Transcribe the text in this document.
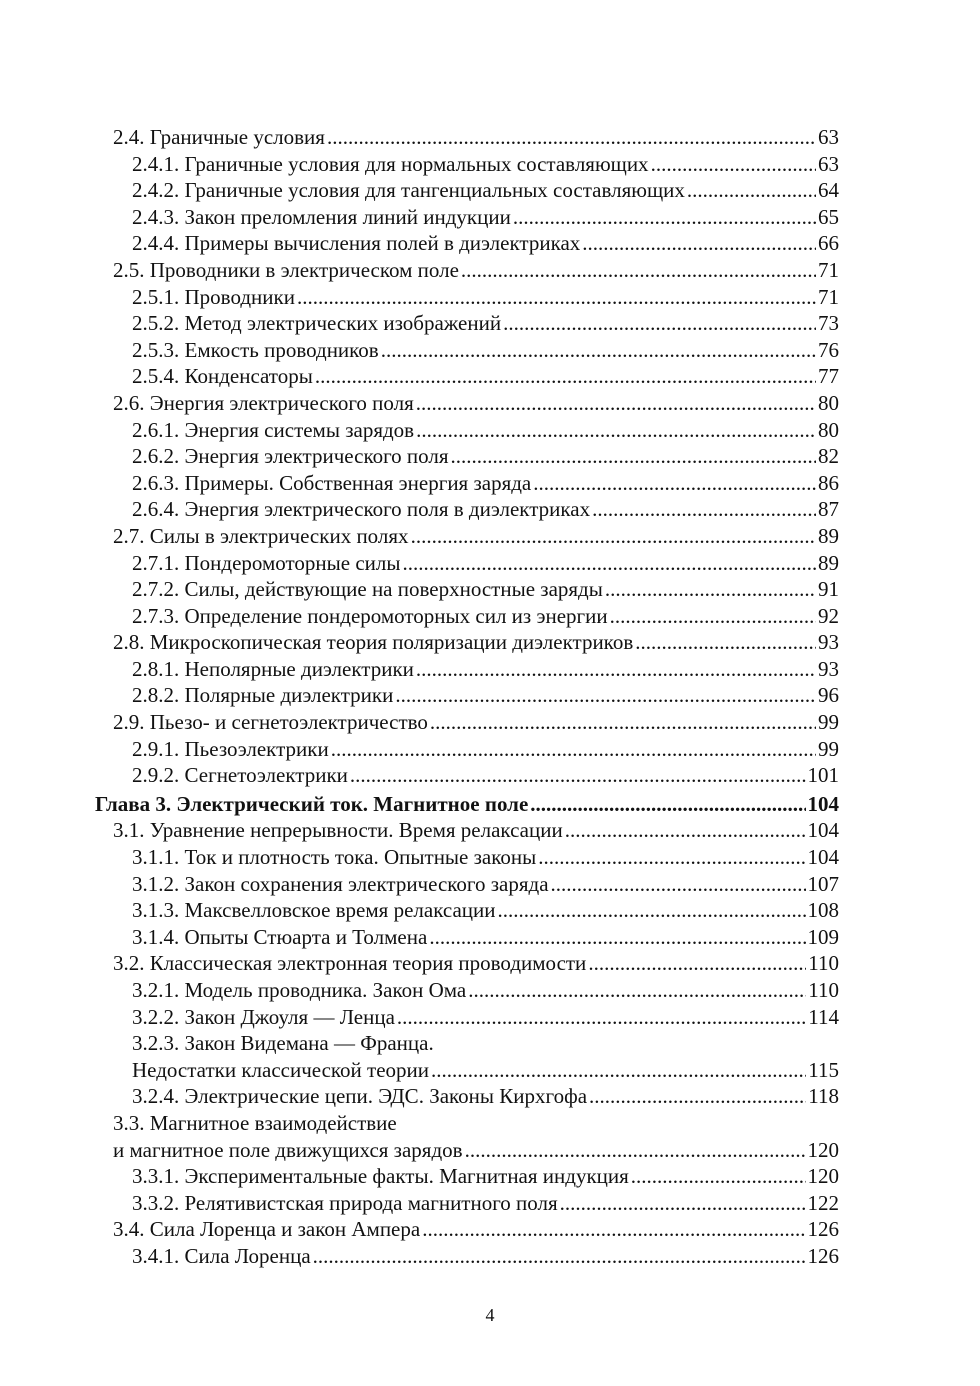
2.4. Граничные условия .....	63
2.4.1. Граничные условия для нормальных составляющих .....	63
2.4.2. Граничные условия для тангенциальных составляющих .....	64
2.4.3. Закон преломления линий индукции .....	65
2.4.4. Примеры вычисления полей в диэлектриках .....	66
2.5. Проводники в электрическом поле .....	71
2.5.1. Проводники .....	71
2.5.2. Метод электрических изображений .....	73
2.5.3. Емкость проводников .....	76
2.5.4. Конденсаторы .....	77
2.6. Энергия электрического поля .....	80
2.6.1. Энергия системы зарядов .....	80
2.6.2. Энергия электрического поля .....	82
2.6.3. Примеры. Собственная энергия заряда .....	86
2.6.4. Энергия электрического поля в диэлектриках .....	87
2.7. Силы в электрических полях .....	89
2.7.1. Пондеромоторные силы .....	89
2.7.2. Силы, действующие на поверхностные заряды .....	91
2.7.3. Определение пондеромоторных сил из энергии .....	92
2.8. Микроскопическая теория поляризации диэлектриков .....	93
2.8.1. Неполярные диэлектрики .....	93
2.8.2. Полярные диэлектрики .....	96
2.9. Пьезо- и сегнетоэлектричество .....	99
2.9.1. Пьезоэлектрики .....	99
2.9.2. Сегнетоэлектрики .....	101
Глава 3. Электрический ток. Магнитное поле .....	104
3.1. Уравнение непрерывности. Время релаксации .....	104
3.1.1. Ток и плотность тока. Опытные законы .....	104
3.1.2. Закон сохранения электрического заряда .....	107
3.1.3. Максвелловское время релаксации .....	108
3.1.4. Опыты Стюарта и Толмена .....	109
3.2. Классическая электронная теория проводимости .....	110
3.2.1. Модель проводника. Закон Ома .....	110
3.2.2. Закон Джоуля — Ленца .....	114
3.2.3. Закон Видемана — Франца.
Недостатки классической теории .....	115
3.2.4. Электрические цепи. ЭДС. Законы Кирхгофа .....	118
3.3. Магнитное взаимодействие
и магнитное поле движущихся зарядов .....	120
3.3.1. Экспериментальные факты. Магнитная индукция .....	120
3.3.2. Релятивистская природа магнитного поля .....	122
3.4. Сила Лоренца и закон Ампера .....	126
3.4.1. Сила Лоренца .....	126
4
